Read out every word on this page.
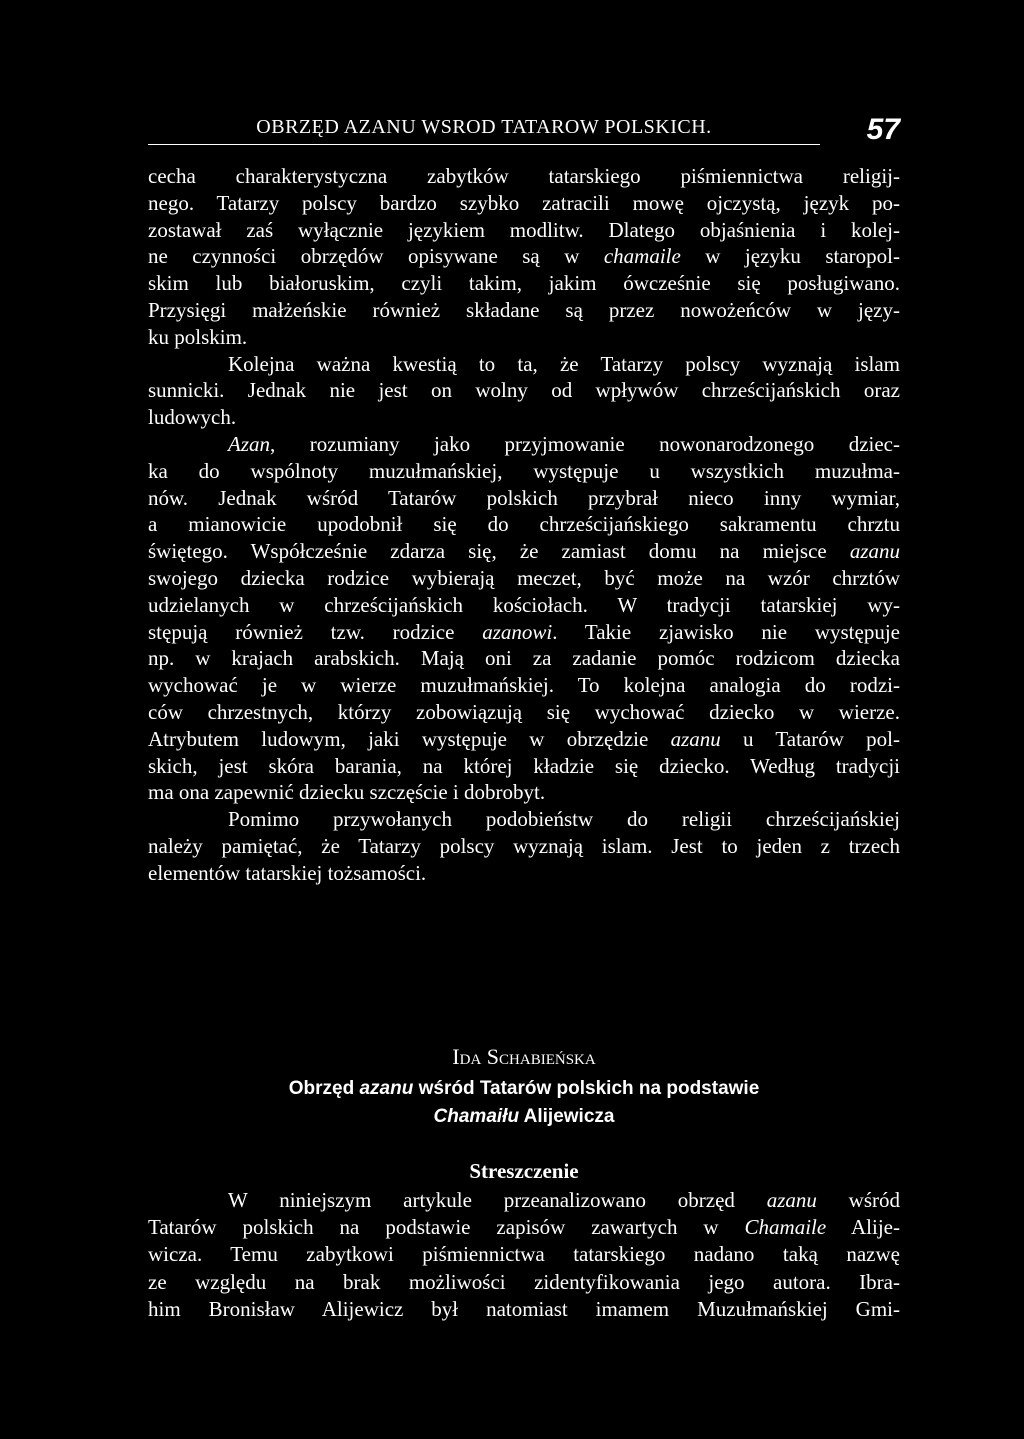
OBRZĘD AZANU WSROD TATAROW POLSKICH.	57
cecha charakterystyczna zabytków tatarskiego piśmiennictwa religij-
nego. Tatarzy polscy bardzo szybko zatracili mowę ojczystą, język po-
zostawał zaś wyłącznie językiem modlitw. Dlatego objaśnienia i kolej-
ne czynności obrzędów opisywane są w chamaile w języku staropol-
skim lub białoruskim, czyli takim, jakim ówcześnie się posługiwano.
Przysięgi małżeńskie również składane są przez nowożeńców w języ-
ku polskim.
Kolejna ważna kwestią to ta, że Tatarzy polscy wyznają islam
sunnicki. Jednak nie jest on wolny od wpływów chrześcijańskich oraz
ludowych.
Azan, rozumiany jako przyjmowanie nowonarodzonego dziec-
ka do wspólnoty muzułmańskiej, występuje u wszystkich muzułma-
nów. Jednak wśród Tatarów polskich przybrał nieco inny wymiar,
a mianowicie upodobnił się do chrześcijańskiego sakramentu chrztu
świętego. Współcześnie zdarza się, że zamiast domu na miejsce azanu
swojego dziecka rodzice wybierają meczet, być może na wzór chrztów
udzielanych w chrześcijańskich kościołach. W tradycji tatarskiej wy-
stępują również tzw. rodzice azanowi. Takie zjawisko nie występuje
np. w krajach arabskich. Mają oni za zadanie pomóc rodzicom dziecka
wychować je w wierze muzułmańskiej. To kolejna analogia do rodzi-
ców chrzestnych, którzy zobowiązują się wychować dziecko w wierze.
Atrybutem ludowym, jaki występuje w obrzędzie azanu u Tatarów pol-
skich, jest skóra barania, na której kładzie się dziecko. Według tradycji
ma ona zapewnić dziecku szczęście i dobrobyt.
Pomimo przywołanych podobieństw do religii chrześcijańskiej
należy pamiętać, że Tatarzy polscy wyznają islam. Jest to jeden z trzech
elementów tatarskiej tożsamości.
Ida Schabieńska
Obrzęd azanu wśród Tatarów polskich na podstawie
Chamaiłu Alijewicza
Streszczenie
W niniejszym artykule przeanalizowano obrzęd azanu wśród
Tatarów polskich na podstawie zapisów zawartych w Chamaile Alije-
wicza. Temu zabytkowi piśmiennictwa tatarskiego nadano taką nazwę
ze względu na brak możliwości zidentyfikowania jego autora. Ibra-
him Bronisław Alijewicz był natomiast imamem Muzułmańskiej Gmi-
